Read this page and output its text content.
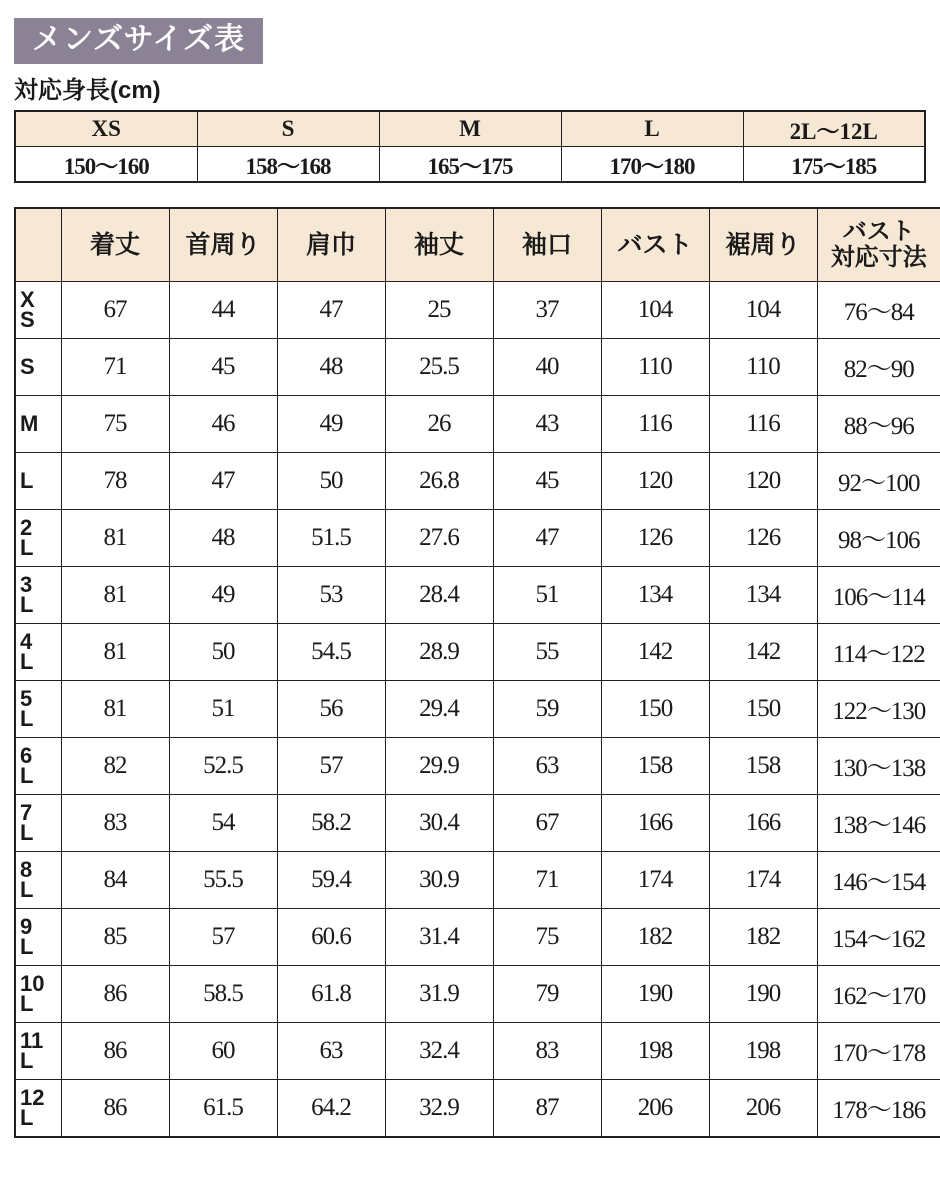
メンズサイズ表
対応身長(cm)
XS	S	M	L	2L〜12L
150〜160	158〜168	165〜175	170〜180	175〜185
	着丈	首周り	肩巾	袖丈	袖口	バスト	裾周り	バスト
対応寸法

X
S	67	44	47	25	37	104	104	76〜84

S	71	45	48	25.5	40	110	110	82〜90

M	75	46	49	26	43	116	116	88〜96

L	78	47	50	26.8	45	120	120	92〜100

2
L	81	48	51.5	27.6	47	126	126	98〜106

3
L	81	49	53	28.4	51	134	134	106〜114

4
L	81	50	54.5	28.9	55	142	142	114〜122

5
L	81	51	56	29.4	59	150	150	122〜130

6
L	82	52.5	57	29.9	63	158	158	130〜138

7
L	83	54	58.2	30.4	67	166	166	138〜146

8
L	84	55.5	59.4	30.9	71	174	174	146〜154

9
L	85	57	60.6	31.4	75	182	182	154〜162

10
L	86	58.5	61.8	31.9	79	190	190	162〜170

11
L	86	60	63	32.4	83	198	198	170〜178

12
L	86	61.5	64.2	32.9	87	206	206	178〜186
